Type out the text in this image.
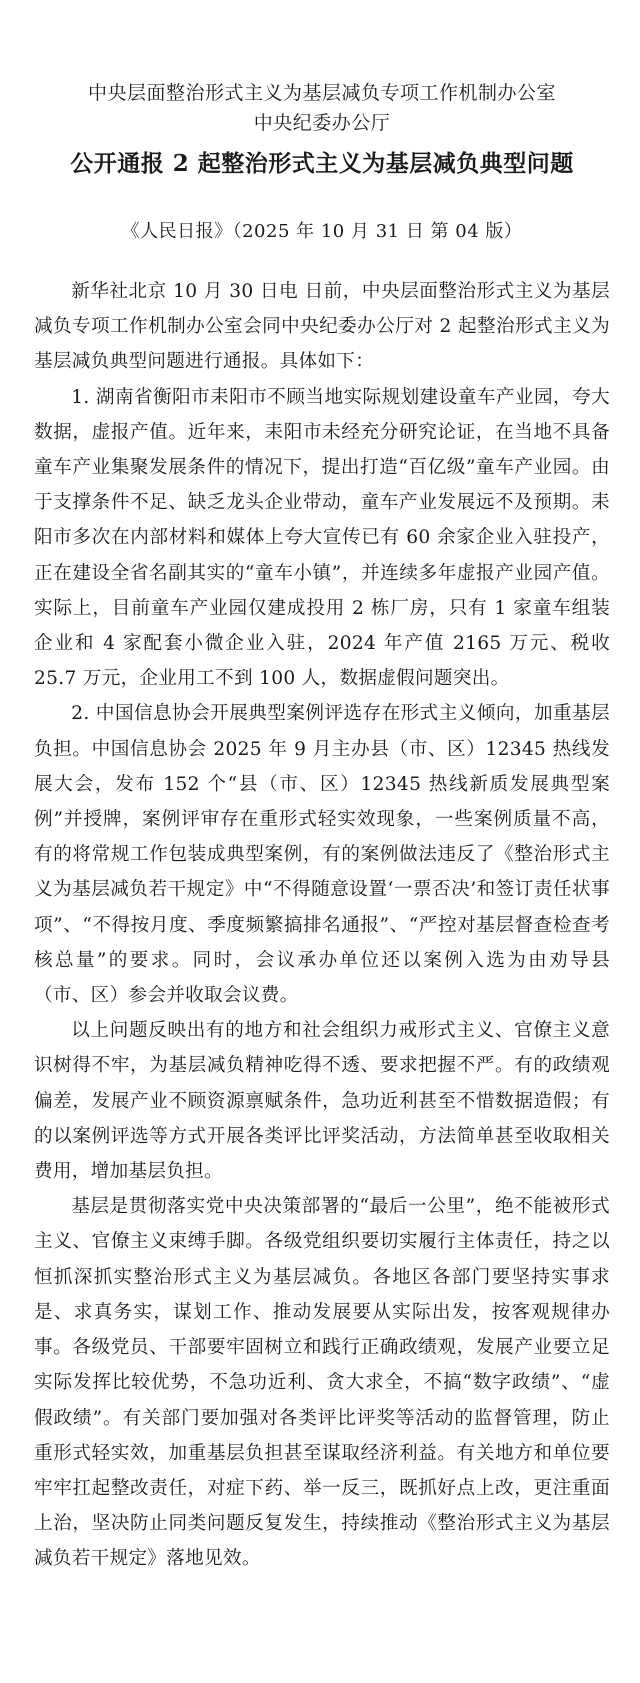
中央层面整治形式主义为基层减负专项工作机制办公室
中央纪委办公厅
公开通报 2 起整治形式主义为基层减负典型问题
《人民日报》（2025 年 10 月 31 日 第 04 版）

新华社北京 10 月 30 日电 日前，中央层面整治形式主义为基层减负专项工作机制办公室会同中央纪委办公厅对 2 起整治形式主义为基层减负典型问题进行通报。具体如下：

1. 湖南省衡阳市耒阳市不顾当地实际规划建设童车产业园，夸大数据，虚报产值。近年来，耒阳市未经充分研究论证，在当地不具备童车产业集聚发展条件的情况下，提出打造“百亿级”童车产业园。由于支撑条件不足、缺乏龙头企业带动，童车产业发展远不及预期。耒阳市多次在内部材料和媒体上夸大宣传已有 60 余家企业入驻投产，正在建设全省名副其实的“童车小镇”，并连续多年虚报产业园产值。实际上，目前童车产业园仅建成投用 2 栋厂房，只有 1 家童车组装企业和 4 家配套小微企业入驻，2024 年产值 2165 万元、税收 25.7 万元，企业用工不到 100 人，数据虚假问题突出。

2. 中国信息协会开展典型案例评选存在形式主义倾向，加重基层负担。中国信息协会 2025 年 9 月主办县（市、区）12345 热线发展大会，发布 152 个“县（市、区）12345 热线新质发展典型案例”并授牌，案例评审存在重形式轻实效现象，一些案例质量不高，有的将常规工作包装成典型案例，有的案例做法违反了《整治形式主义为基层减负若干规定》中“不得随意设置‘一票否决’和签订责任状事项”、“不得按月度、季度频繁搞排名通报”、“严控对基层督查检查考核总量”的要求。同时，会议承办单位还以案例入选为由劝导县（市、区）参会并收取会议费。

以上问题反映出有的地方和社会组织力戒形式主义、官僚主义意识树得不牢，为基层减负精神吃得不透、要求把握不严。有的政绩观偏差，发展产业不顾资源禀赋条件，急功近利甚至不惜数据造假；有的以案例评选等方式开展各类评比评奖活动，方法简单甚至收取相关费用，增加基层负担。

基层是贯彻落实党中央决策部署的“最后一公里”，绝不能被形式主义、官僚主义束缚手脚。各级党组织要切实履行主体责任，持之以恒抓深抓实整治形式主义为基层减负。各地区各部门要坚持实事求是、求真务实，谋划工作、推动发展要从实际出发，按客观规律办事。各级党员、干部要牢固树立和践行正确政绩观，发展产业要立足实际发挥比较优势，不急功近利、贪大求全，不搞“数字政绩”、“虚假政绩”。有关部门要加强对各类评比评奖等活动的监督管理，防止重形式轻实效，加重基层负担甚至谋取经济利益。有关地方和单位要牢牢扛起整改责任，对症下药、举一反三，既抓好点上改，更注重面上治，坚决防止同类问题反复发生，持续推动《整治形式主义为基层减负若干规定》落地见效。
